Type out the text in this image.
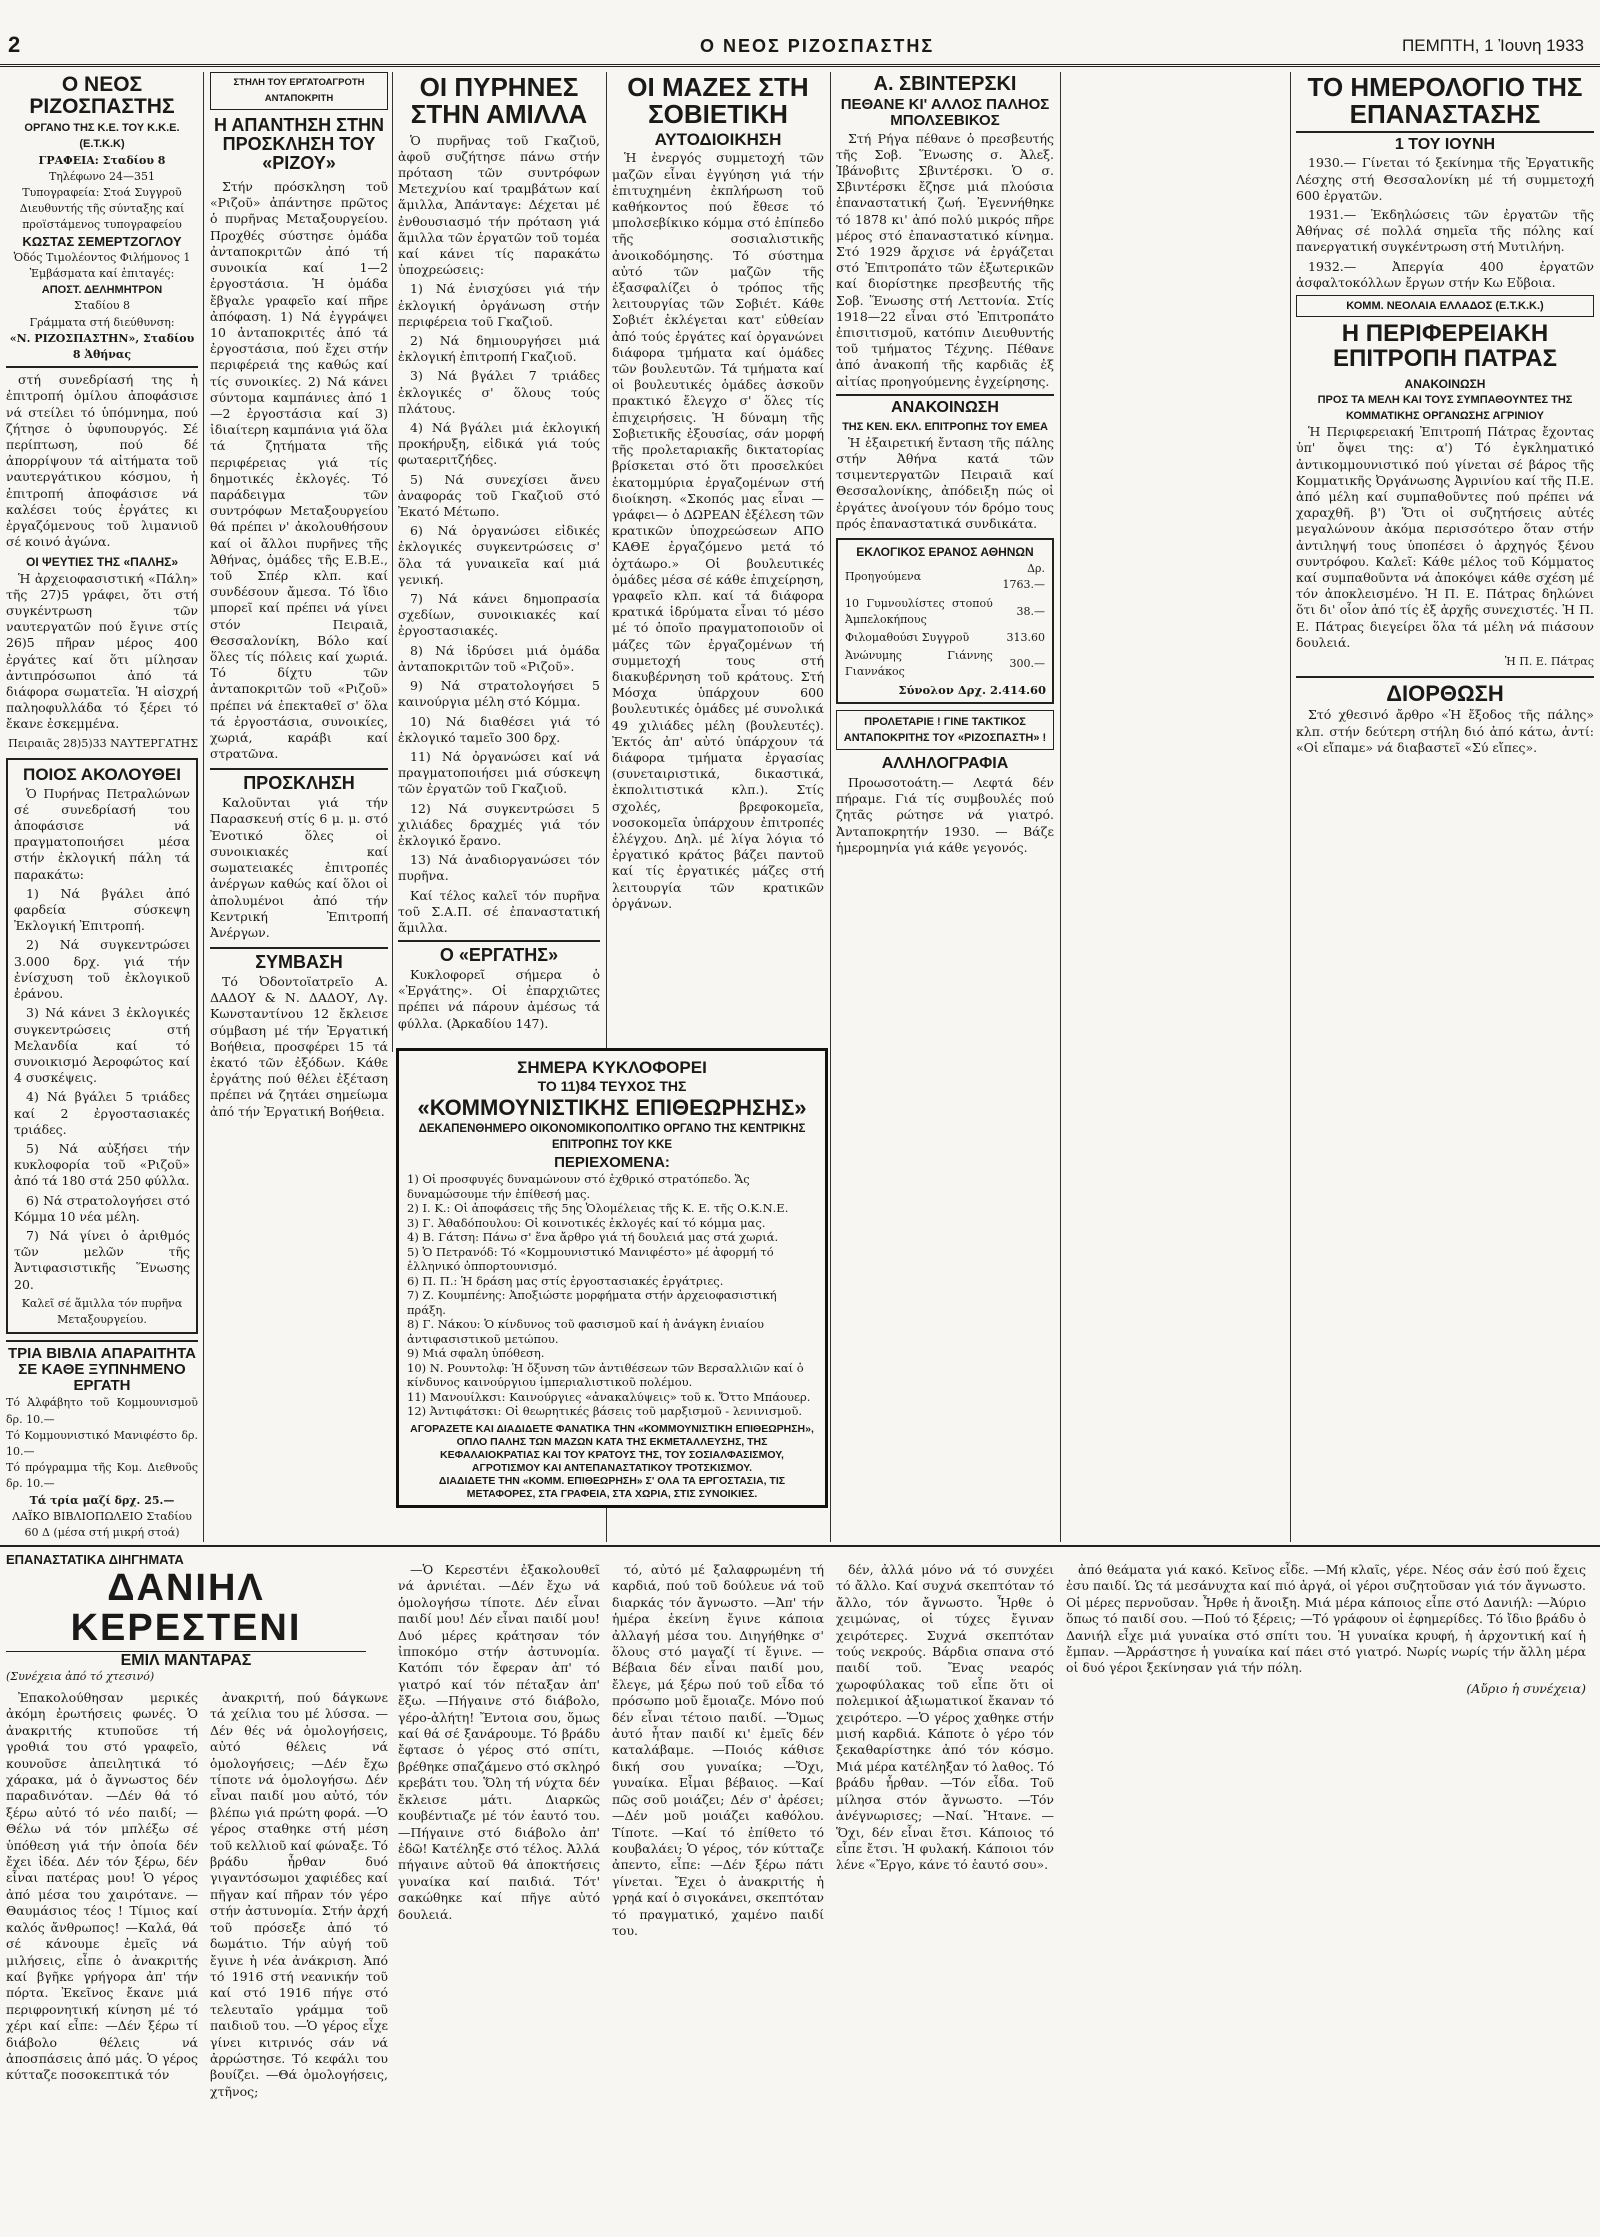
2	Ο ΝΕΟΣ ΡΙΖΟΣΠΑΣΤΗΣ	ΠΕΜΠΤΗ, 1 Ἰουνη 1933
Ο ΝΕΟΣ ΡΙΖΟΣΠΑΣΤΗΣ
ΟΡΓΑΝΟ ΤΗΣ Κ.Ε. ΤΟΥ Κ.Κ.Ε. (Ε.Τ.Κ.Κ)
ΓΡΑΦΕΙΑ: Σταδίου 8
Τηλέφωνο 24—351
Τυπογραφεία: Στοά Συγγροῦ
Διευθυντής τῆς σύνταξης καί προϊστάμενος τυπογραφείου
ΚΩΣΤΑΣ ΣΕΜΕΡΤΖΟΓΛΟΥ
Ὁδός Τιμολέοντος Φιλήμονος 1
Ἐμβάσματα καί ἐπιταγές:
ΑΠΟΣΤ. ΔΕΛΗΜΗΤΡΟΝ
Σταδίου 8
Γράμματα στή διεύθυνση:
«Ν. ΡΙΖΟΣΠΑΣΤΗΝ», Σταδίου 8 Ἀθήνας

στή συνεδρίασή της ἡ ἐπιτροπή ὁμίλου ἀποφάσισε νά στείλει τό ὑπόμνημα, πού ζήτησε ὁ ὑφυπουργός. Σέ περίπτωση, πού δέ ἀπορρίψουν τά αἰτήματα τοῦ ναυτεργάτικου κόσμου, ἡ ἐπιτροπή ἀποφάσισε νά καλέσει τούς ἐργάτες κι ἐργαζόμενους τοῦ λιμανιοῦ σέ κοινό ἀγώνα.

ΟΙ ΨΕΥΤΙΕΣ ΤΗΣ «ΠΑΛΗΣ»

Ἡ ἀρχειοφασιστική «Πάλη» τῆς 27)5 γράφει, ὅτι στή συγκέντρωση τῶν ναυτεργατῶν πού ἔγινε στίς 26)5 πῆραν μέρος 400 ἐργάτες καί ὅτι μίλησαν ἀντιπρόσωποι ἀπό τά διάφορα σωματεῖα. Ἡ αἰσχρή παληοφυλλάδα τό ξέρει τό ἔκανε ἐσκεμμένα.

Πειραιᾶς 28)5)33 ΝΑΥΤΕΡΓΑΤΗΣ
ΠΟΙΟΣ ΑΚΟΛΟΥΘΕΙ

Ὁ Πυρήνας Πετραλώνων σέ συνεδρίασή του ἀποφάσισε νά πραγματοποιήσει μέσα στήν ἐκλογική πάλη τά παρακάτω:

1) Νά βγάλει ἀπό φαρδεία σύσκεψη Ἐκλογική Ἐπιτροπή.

2) Νά συγκεντρώσει 3.000 δρχ. γιά τήν ἐνίσχυση τοῦ ἐκλογικοῦ ἐράνου.

3) Νά κάνει 3 ἐκλογικές συγκεντρώσεις στή Μελανδία καί τό συνοικισμό Ἀεροφώτος καί 4 συσκέψεις.

4) Νά βγάλει 5 τριάδες καί 2 ἐργοστασιακές τριάδες.

5) Νά αὐξήσει τήν κυκλοφορία τοῦ «Ριζοῦ» ἀπό τά 180 στά 250 φύλλα.

6) Νά στρατολογήσει στό Κόμμα 10 νέα μέλη.

7) Νά γίνει ὁ ἀριθμός τῶν μελῶν τῆς Ἀντιφασιστικῆς Ἕνωσης 20.

Καλεῖ σέ ἅμιλλα τόν πυρῆνα Μεταξουργείου.
ΤΡΙΑ ΒΙΒΛΙΑ ΑΠΑΡΑΙΤΗΤΑ ΣΕ ΚΑΘΕ ΞΥΠΝΗΜΕΝΟ ΕΡΓΑΤΗ
Τό Ἀλφάβητο τοῦ Κομμουνισμοῦ δρ. 10.—
Τό Κομμουνιστικό Μανιφέστο δρ. 10.—
Τό πρόγραμμα τῆς Κομ. Διεθνοῦς δρ. 10.—
Τά τρία μαζί δρχ. 25.—
ΛΑΪΚΟ ΒΙΒΛΙΟΠΩΛΕΙΟ Σταδίου 60 Δ (μέσα στή μικρή στοά)
ΣΤΗΛΗ ΤΟΥ ΕΡΓΑΤΟΑΓΡΟΤΗ ΑΝΤΑΠΟΚΡΙΤΗ
Η ΑΠΑΝΤΗΣΗ ΣΤΗΝ ΠΡΟΣΚΛΗΣΗ ΤΟΥ «ΡΙΖΟΥ»

Στήν πρόσκληση τοῦ «Ριζοῦ» ἀπάντησε πρῶτος ὁ πυρῆνας Μεταξουργείου. Προχθές σύστησε ὁμάδα ἀνταποκριτῶν ἀπό τή συνοικία καί 1—2 ἐργοστάσια. Ἡ ὁμάδα ἔβγαλε γραφεῖο καί πῆρε ἀπόφαση. 1) Νά ἐγγράψει 10 ἀνταποκριτές ἀπό τά ἐργοστάσια, πού ἔχει στήν περιφέρειά της καθώς καί τίς συνοικίες. 2) Νά κάνει σύντομα καμπάνιες ἀπό 1—2 ἐργοστάσια καί 3) ἰδιαίτερη καμπάνια γιά ὅλα τά ζητήματα τῆς περιφέρειας γιά τίς δημοτικές ἐκλογές. Τό παράδειγμα τῶν συντρόφων Μεταξουργείου θά πρέπει ν' ἀκολουθήσουν καί οἱ ἄλλοι πυρῆνες τῆς Ἀθήνας, ὁμάδες τῆς Ε.Β.Ε., τοῦ Σπέρ κλπ. καί συνδέσουν ἄμεσα. Τό ἴδιο μπορεῖ καί πρέπει νά γίνει στόν Πειραιᾶ, Θεσσαλονίκη, Βόλο καί ὅλες τίς πόλεις καί χωριά. Τό δίχτυ τῶν ἀνταποκριτῶν τοῦ «Ριζοῦ» πρέπει νά ἐπεκταθεῖ σ' ὅλα τά ἐργοστάσια, συνοικίες, χωριά, καράβι καί στρατῶνα.

ΠΡΟΣΚΛΗΣΗ

Καλοῦνται γιά τήν Παρασκευή στίς 6 μ. μ. στό Ἐνοτικό ὅλες οἱ συνοικιακές καί σωματειακές ἐπιτροπές ἀνέργων καθώς καί ὅλοι οἱ ἀπολυμένοι ἀπό τήν Κεντρική Ἐπιτροπή Ἀνέργων.

ΣΥΜΒΑΣΗ

Τό Ὀδοντοϊατρεῖο Α. ΔΑΔΟΥ & Ν. ΔΑΔΟΥ, Λγ. Κωνσταντίνου 12 ἔκλεισε σύμβαση μέ τήν Ἐργατική Βοήθεια, προσφέρει 15 τά ἑκατό τῶν ἐξόδων. Κάθε ἐργάτης πού θέλει ἐξέταση πρέπει νά ζητάει σημείωμα ἀπό τήν Ἐργατική Βοήθεια.

ΟΙ ΠΥΡΗΝΕΣ ΣΤΗΝ ΑΜΙΛΛΑ

Ὁ πυρῆνας τοῦ Γκαζιοῦ, ἀφοῦ συζήτησε πάνω στήν πρόταση τῶν συντρόφων Μετεχνίου καί τραμβάτων καί ἅμιλλα, Ἀπάνταγε: Δέχεται μέ ἐνθουσιασμό τήν πρόταση γιά ἅμιλλα τῶν ἐργατῶν τοῦ τομέα καί κάνει τίς παρακάτω ὑποχρεώσεις:

1) Νά ἐνισχύσει γιά τήν ἐκλογική ὀργάνωση στήν περιφέρεια τοῦ Γκαζιοῦ.

2) Νά δημιουργήσει μιά ἐκλογική ἐπιτροπή Γκαζιοῦ.

3) Νά βγάλει 7 τριάδες ἐκλογικές σ' ὅλους τούς πλάτους.

4) Νά βγάλει μιά ἐκλογική προκήρυξη, εἰδικά γιά τούς φωταεριτζήδες.

5) Νά συνεχίσει ἄνευ ἀναφοράς τοῦ Γκαζιοῦ στό Ἐκατό Μέτωπο.

6) Νά ὀργανώσει εἰδικές ἐκλογικές συγκεντρώσεις σ' ὅλα τά γυναικεῖα καί μιά γενική.

7) Νά κάνει δημοπρασία σχεδίων, συνοικιακές καί ἐργοστασιακές.

8) Νά ἱδρύσει μιά ὁμάδα ἀνταποκριτῶν τοῦ «Ριζοῦ».

9) Νά στρατολογήσει 5 καινούργια μέλη στό Κόμμα.

10) Νά διαθέσει γιά τό ἐκλογικό ταμεῖο 300 δρχ.

11) Νά ὀργανώσει καί νά πραγματοποιήσει μιά σύσκεψη τῶν ἐργατῶν τοῦ Γκαζιοῦ.

12) Νά συγκεντρώσει 5 χιλιάδες δραχμές γιά τόν ἐκλογικό ἔρανο.

13) Νά ἀναδιοργανώσει τόν πυρῆνα.

Καί τέλος καλεῖ τόν πυρῆνα τοῦ Σ.Α.Π. σέ ἐπαναστατική ἅμιλλα.

Ο «ΕΡΓΑΤΗΣ»

Κυκλοφορεῖ σήμερα ὁ «Ἐργάτης». Οἱ ἐπαρχιῶτες πρέπει νά πάρουν ἀμέσως τά φύλλα. (Ἀρκαδίου 147).

ΣΗΜΕΡΑ ΚΥΚΛΟΦΟΡΕΙ
ΤΟ 11)84 ΤΕΥΧΟΣ ΤΗΣ
«ΚΟΜΜΟΥΝΙΣΤΙΚΗΣ ΕΠΙΘΕΩΡΗΣΗΣ»
ΔΕΚΑΠΕΝΘΗΜΕΡΟ ΟΙΚΟΝΟΜΙΚΟΠΟΛΙΤΙΚΟ ΟΡΓΑΝΟ ΤΗΣ ΚΕΝΤΡΙΚΗΣ ΕΠΙΤΡΟΠΗΣ ΤΟΥ ΚΚΕ
ΠΕΡΙΕΧΟΜΕΝΑ:
1) Οἱ προσφυγές δυναμώνουν στό ἐχθρικό στρατόπεδο. Ἄς δυναμώσουμε τήν ἐπίθεσή μας.
2) Ι. Κ.: Οἱ ἀποφάσεις τῆς 5ης Ὁλομέλειας τῆς Κ. Ε. τῆς Ο.Κ.Ν.Ε.
3) Γ. Ἀθαδόπουλου: Οἱ κοινοτικές ἐκλογές καί τό κόμμα μας.
4) Β. Γάτση: Πάνω σ' ἕνα ἄρθρο γιά τή δουλειά μας στά χωριά.
5) Ὁ Πετρανόδ: Τό «Κομμουνιστικό Μανιφέστο» μέ ἀφορμή τό ἑλληνικό ὀππορτουνισμό.
6) Π. Π.: Ἡ δράση μας στίς ἐργοστασιακές ἐργάτριες.
7) Ζ. Κουμπένης: Ἀποξιώστε μορφήματα στήν ἀρχειοφασιστική πράξη.
8) Γ. Νάκου: Ὁ κίνδυνος τοῦ φασισμοῦ καί ἡ ἀνάγκη ἑνιαίου ἀντιφασιστικοῦ μετώπου.
9) Μιά σφαλη ὑπόθεση.
10) Ν. Ρουντολφ: Ἡ ὄξυνση τῶν ἀντιθέσεων τῶν Βερσαλλιῶν καί ὁ κίνδυνος καινούργιου ἰμπεριαλιστικοῦ πολέμου.
11) Μανουίλκσι: Καινούργιες «ἀνακαλύψεις» τοῦ κ. Ὄττο Μπάουερ.
12) Ἀντιφάτσκι: Οἱ θεωρητικές βάσεις τοῦ μαρξισμοῦ - λενινισμοῦ.
ΑΓΟΡΑΖΕΤΕ ΚΑΙ ΔΙΑΔΙΔΕΤΕ ΦΑΝΑΤΙΚΑ ΤΗΝ «ΚΟΜΜΟΥΝΙΣΤΙΚΗ ΕΠΙΘΕΩΡΗΣΗ», ΟΠΛΟ ΠΑΛΗΣ ΤΩΝ ΜΑΖΩΝ ΚΑΤΑ ΤΗΣ ΕΚΜΕΤΑΛΛΕΥΣΗΣ, ΤΗΣ ΚΕΦΑΛΑΙΟΚΡΑΤΙΑΣ ΚΑΙ ΤΟΥ ΚΡΑΤΟΥΣ ΤΗΣ, ΤΟΥ ΣΟΣΙΑΛΦΑΣΙΣΜΟΥ, ΑΓΡΟΤΙΣΜΟΥ ΚΑΙ ΑΝΤΕΠΑΝΑΣΤΑΤΙΚΟΥ ΤΡΟΤΣΚΙΣΜΟΥ.
ΔΙΑΔΙΔΕΤΕ ΤΗΝ «ΚΟΜΜ. ΕΠΙΘΕΩΡΗΣΗ» Σ' ΟΛΑ ΤΑ ΕΡΓΟΣΤΑΣΙΑ, ΤΙΣ ΜΕΤΑΦΟΡΕΣ, ΣΤΑ ΓΡΑΦΕΙΑ, ΣΤΑ ΧΩΡΙΑ, ΣΤΙΣ ΣΥΝΟΙΚΙΕΣ.
ΟΙ ΜΑΖΕΣ ΣΤΗ ΣΟΒΙΕΤΙΚΗ
ΑΥΤΟΔΙΟΙΚΗΣΗ

Ἡ ἐνεργός συμμετοχή τῶν μαζῶν εἶναι ἐγγύηση γιά τήν ἐπιτυχημένη ἐκπλήρωση τοῦ καθήκοντος πού ἔθεσε τό μπολσεβίκικο κόμμα στό ἐπίπεδο τῆς σοσιαλιστικῆς ἀνοικοδόμησης. Τό σύστημα αὐτό τῶν μαζῶν τῆς ἐξασφαλίζει ὁ τρόπος τῆς λειτουργίας τῶν Σοβιέτ. Κάθε Σοβιέτ ἐκλέγεται κατ' εὐθείαν ἀπό τούς ἐργάτες καί ὀργανώνει διάφορα τμήματα καί ὁμάδες τῶν βουλευτῶν. Τά τμήματα καί οἱ βουλευτικές ὁμάδες ἀσκοῦν πρακτικό ἔλεγχο σ' ὅλες τίς ἐπιχειρήσεις. Ἡ δύναμη τῆς Σοβιετικῆς ἐξουσίας, σάν μορφή τῆς προλεταριακῆς δικτατορίας βρίσκεται στό ὅτι προσελκύει ἑκατομμύρια ἐργαζομένων στή διοίκηση. «Σκοπός μας εἶναι —γράφει— ὁ ΔΩΡΕΑΝ ἐξέλεση τῶν κρατικῶν ὑποχρεώσεων ΑΠΟ ΚΑΘΕ ἐργαζόμενο μετά τό ὀχτάωρο.» Οἱ βουλευτικές ὁμάδες μέσα σέ κάθε ἐπιχείρηση, γραφεῖο κλπ. καί τά διάφορα κρατικά ἱδρύματα εἶναι τό μέσο μέ τό ὁποῖο πραγματοποιοῦν οἱ μάζες τῶν ἐργαζομένων τή συμμετοχή τους στή διακυβέρνηση τοῦ κράτους. Στή Μόσχα ὑπάρχουν 600 βουλευτικές ὁμάδες μέ συνολικά 49 χιλιάδες μέλη (βουλευτές). Ἐκτός ἀπ' αὐτό ὑπάρχουν τά διάφορα τμήματα ἐργασίας (συνεταιριστικά, δικαστικά, ἐκπολιτιστικά κλπ.). Στίς σχολές, βρεφοκομεῖα, νοσοκομεῖα ὑπάρχουν ἐπιτροπές ἐλέγχου. Δηλ. μέ λίγα λόγια τό ἐργατικό κράτος βάζει παντοῦ καί τίς ἐργατικές μάζες στή λειτουργία τῶν κρατικῶν ὀργάνων.

Α. ΣΒΙΝΤΕΡΣΚΙ
ΠΕΘΑΝΕ ΚΙ' ΑΛΛΟΣ ΠΑΛΗΟΣ ΜΠΟΛΣΕΒΙΚΟΣ

Στή Ρήγα πέθανε ὁ πρεσβευτής τῆς Σοβ. Ἕνωσης σ. Ἀλεξ. Ἰβάνοβιτς Σβιντέρσκι. Ὁ σ. Σβιντέρσκι ἔζησε μιά πλούσια ἐπαναστατική ζωή. Ἐγεννήθηκε τό 1878 κι' ἀπό πολύ μικρός πῆρε μέρος στό ἐπαναστατικό κίνημα. Στό 1929 ἄρχισε νά ἐργάζεται στό Ἐπιτροπάτο τῶν ἐξωτερικῶν καί διορίστηκε πρεσβευτής τῆς Σοβ. Ἕνωσης στή Λεττονία. Στίς 1918—22 εἶναι στό Ἐπιτροπάτο ἐπισιτισμοῦ, κατόπιν Διευθυντής τοῦ τμήματος Τέχνης. Πέθανε ἀπό ἀνακοπή τῆς καρδιᾶς ἐξ αἰτίας προηγούμενης ἐγχείρησης.

ΑΝΑΚΟΙΝΩΣΗ
ΤΗΣ ΚΕΝ. ΕΚΛ. ΕΠΙΤΡΟΠΗΣ ΤΟΥ ΕΜΕΑ

Ἡ ἐξαιρετική ἔνταση τῆς πάλης στήν Ἀθήνα κατά τῶν τσιμεντεργατῶν Πειραιᾶ καί Θεσσαλονίκης, ἀπόδειξη πώς οἱ ἐργάτες ἀνοίγουν τόν δρόμο τους πρός ἐπαναστατικά συνδικάτα.

ΕΚΛΟΓΙΚΟΣ ΕΡΑΝΟΣ ΑΘΗΝΩΝ
Προηγούμενα	Δρ. 1763.—
10 Γυμνουλίστες στοπού Ἀμπελοκήπους	38.—
Φιλομαθούσι Συγγροῦ	313.60
Ἀνώνυμης Γιάννης Γιαννάκος	300.—
Σύνολον Δρχ. 2.414.60
ΠΡΟΛΕΤΑΡΙΕ ! ΓΙΝΕ ΤΑΚΤΙΚΟΣ ΑΝΤΑΠΟΚΡΙΤΗΣ ΤΟΥ «ΡΙΖΟΣΠΑΣΤΗ» !
ΑΛΛΗΛΟΓΡΑΦΙΑ

Προωσοτοάτη.— Λεφτά δέν πήραμε. Γιά τίς συμβουλές πού ζητᾶς ρώτησε νά γιατρό. Ἀνταποκρητήν 1930. — Βάζε ἡμερομηνία γιά κάθε γεγονός.

ΤΟ ΗΜΕΡΟΛΟΓΙΟ ΤΗΣ ΕΠΑΝΑΣΤΑΣΗΣ
1 ΤΟΥ ΙΟΥΝΗ

1930.— Γίνεται τό ξεκίνημα τῆς Ἐργατικῆς Λέσχης στή Θεσσαλονίκη μέ τή συμμετοχή 600 ἐργατῶν.

1931.— Ἐκδηλώσεις τῶν ἐργατῶν τῆς Ἀθήνας σέ πολλά σημεῖα τῆς πόλης καί πανεργατική συγκέντρωση στή Μυτιλήνη.

1932.— Ἀπεργία 400 ἐργατῶν ἀσφαλτοκόλλων ἔργων στήν Κω Εὔβοια.

ΚΟΜΜ. ΝΕΟΛΑΙΑ ΕΛΛΑΔΟΣ (Ε.Τ.Κ.Κ.)
Η ΠΕΡΙΦΕΡΕΙΑΚΗ ΕΠΙΤΡΟΠΗ ΠΑΤΡΑΣ
ΑΝΑΚΟΙΝΩΣΗ
ΠΡΟΣ ΤΑ ΜΕΛΗ ΚΑΙ ΤΟΥΣ ΣΥΜΠΑΘΟΥΝΤΕΣ ΤΗΣ ΚΟΜΜΑΤΙΚΗΣ ΟΡΓΑΝΩΣΗΣ ΑΓΡΙΝΙΟΥ

Ἡ Περιφερειακή Ἐπιτροπή Πάτρας ἔχοντας ὑπ' ὄψει της: α') Τό ἐγκληματικό ἀντικομμουνιστικό πού γίνεται σέ βάρος τῆς Κομματικῆς Ὀργάνωσης Ἀγρινίου καί τῆς Π.Ε. ἀπό μέλη καί συμπαθοῦντες πού πρέπει νά χαραχθῆ. β') Ὅτι οἱ συζητήσεις αὐτές μεγαλώνουν ἀκόμα περισσότερο ὅταν στήν ἀντιληψή τους ὑποπέσει ὁ ἀρχηγός ξένου συντρόφου. Καλεῖ: Κάθε μέλος τοῦ Κόμματος καί συμπαθοῦντα νά ἀποκόψει κάθε σχέση μέ τόν ἀποκλεισμένο. Ἡ Π. Ε. Πάτρας δηλώνει ὅτι δι' οἷον ἀπό τίς ἐξ ἀρχῆς συνεχιστές. Ἡ Π. Ε. Πάτρας διεγείρει ὅλα τά μέλη νά πιάσουν δουλειά.

Ἡ Π. Ε. Πάτρας
ΔΙΟΡΘΩΣΗ

Στό χθεσινό ἄρθρο «Ἡ ἔξοδος τῆς πάλης» κλπ. στήν δεύτερη στήλη διό ἀπό κάτω, ἀντί: «Οἱ εἴπαμε» νά διαβαστεῖ «Σύ εἴπες».

ΕΠΑΝΑΣΤΑΤΙΚΑ ΔΙΗΓΗΜΑΤΑ
ΔΑΝΙΗΛ ΚΕΡΕΣΤΕΝΙ
ΕΜΙΛ ΜΑΝΤΑΡΑΣ
(Συνέχεια ἀπό τό χτεσινό)

Ἐπακολούθησαν μερικές ἀκόμη ἐρωτήσεις φωνές. Ὁ ἀνακριτής κτυποῦσε τή γροθιά του στό γραφεῖο, κουνοῦσε ἀπειλητικά τό χάρακα, μά ὁ ἄγνωστος δέν παραδινόταν. —Δέν θά τό ξέρω αὐτό τό νέο παιδί; —Θέλω νά τόν μπλέξω σέ ὑπόθεση γιά τήν ὁποία δέν ἔχει ἰδέα. Δέν τόν ξέρω, δέν εἶναι πατέρας μου! Ὁ γέρος ἀπό μέσα του χαιρότανε. —Θαυμάσιος τέος ! Τίμιος καί καλός ἄνθρωπος! —Καλά, θά σέ κάνουμε ἐμεῖς νά μιλήσεις, εἶπε ὁ ἀνακριτής καί βγῆκε γρήγορα ἀπ' τήν πόρτα. Ἐκεῖνος ἔκανε μιά περιφρονητική κίνηση μέ τό χέρι καί εἶπε: —Δέν ξέρω τί διάβολο θέλεις νά ἀποσπάσεις ἀπό μάς. Ὁ γέρος κύτταζε ποσοκεπτικά τόν

ἀνακριτή, πού δάγκωνε τά χείλια του μέ λύσσα. —Δέν θές νά ὁμολογήσεις, αὐτό θέλεις νά ὁμολογήσεις; —Δέν ἔχω τίποτε νά ὁμολογήσω. Δέν εἶναι παιδί μου αὐτό, τόν βλέπω γιά πρώτη φορά. —Ὁ γέρος σταθηκε στή μέση τοῦ κελλιοῦ καί φώναξε. Τό βράδυ ἦρθαν δυό γιγαντόσωμοι χαφιέδες καί πῆγαν καί πῆραν τόν γέρο στήν ἀστυνομία. Στήν ἀρχή τοῦ πρόσεξε ἀπό τό δωμάτιο. Τήν αὐγή τοῦ ἔγινε ἡ νέα ἀνάκριση. Ἀπό τό 1916 στή νεανικήν τοῦ καί στό 1916 πήγε στό τελευταῖο γράμμα τοῦ παιδιοῦ του. —Ὁ γέρος εἶχε γίνει κιτρινός σάν νά ἀρρώστησε. Τό κεφάλι του βουίζει. —Θά ὁμολογήσεις, χτῆνος;

—Ὁ Κερεστένι ἐξακολουθεῖ νά ἀρνιέται. —Δέν ἔχω νά ὁμολογήσω τίποτε. Δέν εἶναι παιδί μου! Δέν εἶναι παιδί μου! Δυό μέρες κράτησαν τόν ἰπποκόμο στήν ἀστυνομία. Κατόπι τόν ἔφεραν ἀπ' τό γιατρό καί τόν πέταξαν ἀπ' ἔξω. —Πήγαινε στό διάβολο, γέρο-ἀλήτη! Ἔντοια σου, ὅμως καί θά σέ ξανάρουμε. Τό βράδυ ἔφτασε ὁ γέρος στό σπίτι, βρέθηκε σπαζάμενο στό σκληρό κρεβάτι του. Ὅλη τή νύχτα δέν ἔκλεισε μάτι. Διαρκῶς κουβέντιαζε μέ τόν ἑαυτό του. —Πήγαινε στό διάβολο ἀπ' ἐδῶ! Κατέληξε στό τέλος. Ἀλλά πήγαινε αὐτοῦ θά ἀποκτήσεις γυναίκα καί παιδιά. Τότ' σακώθηκε καί πῆγε αὐτό δουλειά.

τό, αὐτό μέ ξαλαφρωμένη τή καρδιά, πού τοῦ δούλευε νά τοῦ διαρκάς τόν ἄγνωστο. —Ἀπ' τήν ἡμέρα ἐκείνη ἔγινε κάποια ἀλλαγή μέσα του. Διηγήθηκε σ' ὅλους στό μαγαζί τί ἔγινε. —Βέβαια δέν εἶναι παιδί μου, ἔλεγε, μά ξέρω πού τοῦ εἶδα τό πρόσωπο μοῦ ἔμοιαζε. Μόνο πού δέν εἶναι τέτοιο παιδί. —Ὅμως ἀυτό ἦταν παιδί κι' ἐμεῖς δέν καταλάβαμε. —Ποιός κάθισε δική σου γυναίκα; —Ὄχι, γυναίκα. Εἶμαι βέβαιος. —Καί πῶς σοῦ μοιάζει; Δέν σ' ἀρέσει; —Δέν μοῦ μοιάζει καθόλου. Τίποτε. —Καί τό ἐπίθετο τό κουβαλάει; Ὁ γέρος, τόν κύτταζε ἀπεντο, εἶπε: —Δέν ξέρω πάτι γίνεται. Ἔχει ὁ ἀνακριτής ἡ γρηά καί ὁ σιγοκάνει, σκεπτόταν τό πραγματικό, χαμένο παιδί του.

δέν, ἀλλά μόνο νά τό συνχέει τό ἄλλο. Καί συχνά σκεπτόταν τό ἄλλο, τόν ἄγνωστο. Ἦρθε ὁ χειμώνας, οἱ τύχες ἔγιναν χειρότερες. Συχνά σκεπτόταν τούς νεκρούς. Βάρδια σπανα στό παιδί τοῦ. Ἔνας νεαρός χωροφύλακας τοῦ εἶπε ὅτι οἱ πολεμικοί ἀξιωματικοί ἔκαναν τό χειρότερο. —Ὁ γέρος χαθηκε στήν μισή καρδιά. Κάποτε ὁ γέρο τόν ξεκαθαρίστηκε ἀπό τόν κόσμο. Μιά μέρα κατέληξαν τό λαθος. Τό βράδυ ἦρθαν. —Τόν εἶδα. Τοῦ μίλησα στόν ἄγνωστο. —Τόν ἀνέγνωρισες; —Ναί. Ἤτανε. —Ὅχι, δέν εἶναι ἔτσι. Κάποιος τό εἶπε ἔτσι. Ἡ φυλακή. Κάποιοι τόν λένε «Ἔργο, κάνε τό ἑαυτό σου».

ἀπό θεάματα γιά κακό. Κεῖνος εἶδε. —Μή κλαῖς, γέρε. Νέος σάν ἐσύ πού ἔχεις ἐσυ παιδί. Ὡς τά μεσάνυχτα καί πιό ἀργά, οἱ γέροι συζητοῦσαν γιά τόν ἄγνωστο. Οἱ μέρες περνοῦσαν. Ἦρθε ἡ ἄνοιξη. Μιά μέρα κάποιος εἶπε στό Δανιήλ: —Ἀύριο ὅπως τό παιδί σου. —Πού τό ξέρεις; —Τό γράφουν οἱ ἐφημερίδες. Τό ἴδιο βράδυ ὁ Δανιήλ εἶχε μιά γυναίκα στό σπίτι του. Ἡ γυναίκα κρυφή, ἡ ἀρχοντική καί ἡ ἔμπαν. —Ἀρράστησε ἡ γυναίκα καί πάει στό γιατρό. Νωρίς νωρίς τήν ἄλλη μέρα οἱ δυό γέροι ξεκίνησαν γιά τήν πόλη.

(Αὔριο ἡ συνέχεια)
